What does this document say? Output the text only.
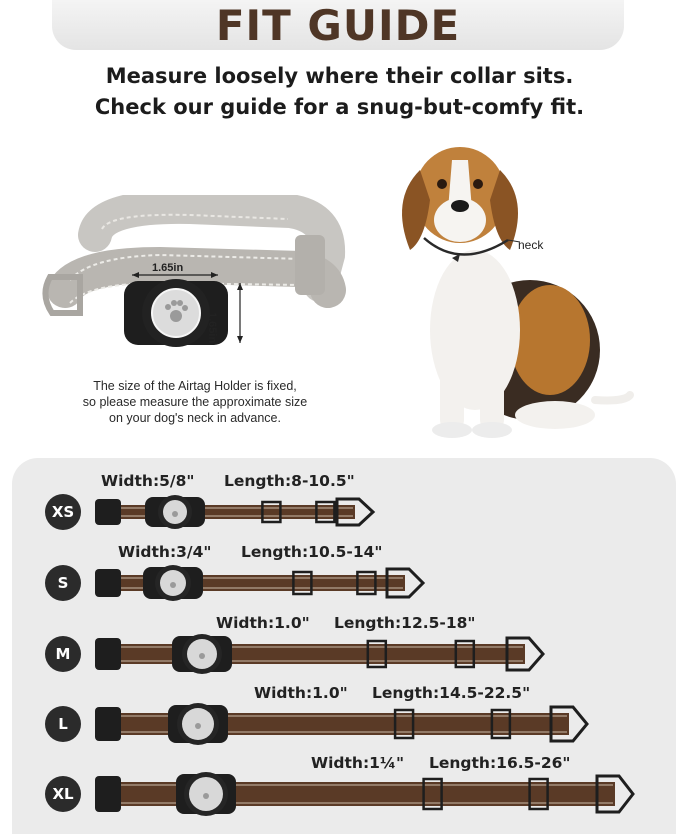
FIT GUIDE
Measure loosely where their collar sits.
Check our guide for a snug-but-comfy fit.
1.65in
1.65in
The size of the Airtag Holder is fixed,
so please measure the approximate size
on your dog's neck in advance.
neck
XS
Width:5/8" Length:8-10.5"
S
Width:3/4" Length:10.5-14"
M
Width:1.0" Length:12.5-18"
L
Width:1.0" Length:14.5-22.5"
XL
Width:1¼" Length:16.5-26"
